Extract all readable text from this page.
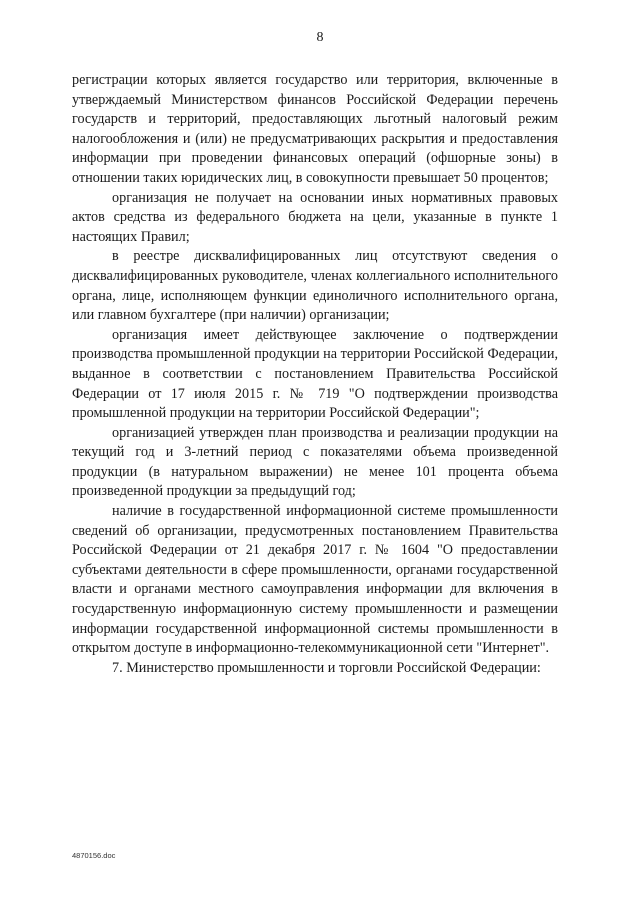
8

регистрации которых является государство или территория, включенные в утверждаемый Министерством финансов Российской Федерации перечень государств и территорий, предоставляющих льготный налоговый режим налогообложения и (или) не предусматривающих раскрытия и предоставления информации при проведении финансовых операций (офшорные зоны) в отношении таких юридических лиц, в совокупности превышает 50 процентов;

организация не получает на основании иных нормативных правовых актов средства из федерального бюджета на цели, указанные в пункте 1 настоящих Правил;

в реестре дисквалифицированных лиц отсутствуют сведения о дисквалифицированных руководителе, членах коллегиального исполнительного органа, лице, исполняющем функции единоличного исполнительного органа, или главном бухгалтере (при наличии) организации;

организация имеет действующее заключение о подтверждении производства промышленной продукции на территории Российской Федерации, выданное в соответствии с постановлением Правительства Российской Федерации от 17 июля 2015 г. № 719 "О подтверждении производства промышленной продукции на территории Российской Федерации";

организацией утвержден план производства и реализации продукции на текущий год и 3-летний период с показателями объема произведенной продукции (в натуральном выражении) не менее 101 процента объема произведенной продукции за предыдущий год;

наличие в государственной информационной системе промышленности сведений об организации, предусмотренных постановлением Правительства Российской Федерации от 21 декабря 2017 г. № 1604 "О предоставлении субъектами деятельности в сфере промышленности, органами государственной власти и органами местного самоуправления информации для включения в государственную информационную систему промышленности и размещении информации государственной информационной системы промышленности в открытом доступе в информационно-телекоммуникационной сети "Интернет".

7. Министерство промышленности и торговли Российской Федерации:

4870156.doc
